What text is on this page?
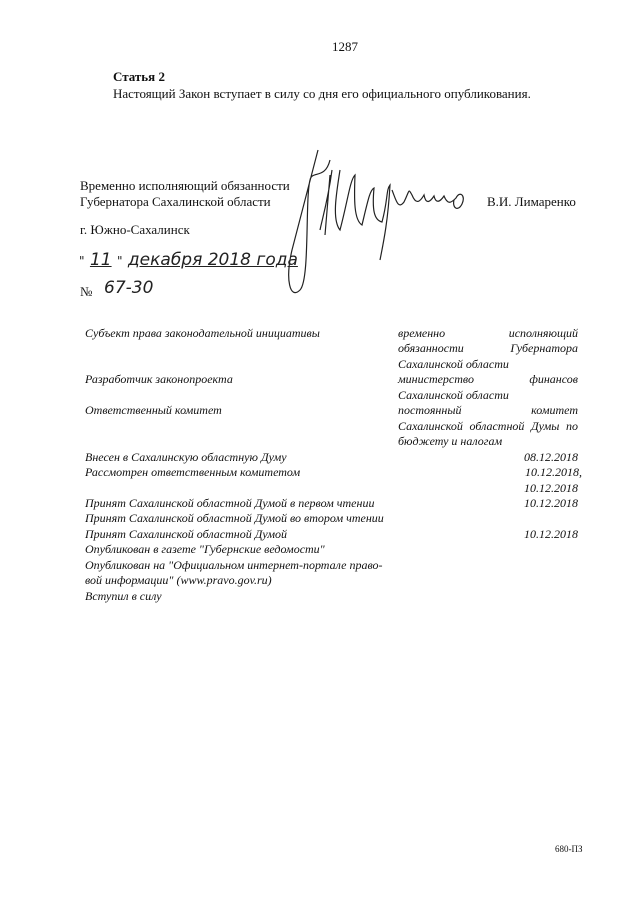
1287
Статья 2
Настоящий Закон вступает в силу со дня его официального опубликования.
Временно исполняющий обязанности
Губернатора Сахалинской области	В.И. Лимаренко
г. Южно-Сахалинск
" 11 " декабря 2018 года
№ 67-30
Субъект права законодательной инициативы	временно исполняющий
обязанности Губернатора
Сахалинской области
Разработчик законопроекта	министерство финансов
Сахалинской области
Ответственный комитет	постоянный комитет
Сахалинской областной Думы по
бюджету и налогам
Внесен в Сахалинскую областную Думу	08.12.2018
Рассмотрен ответственным комитетом	10.12.2018,
10.12.2018
Принят Сахалинской областной Думой в первом чтении	10.12.2018
Принят Сахалинской областной Думой во втором чтении
Принят Сахалинской областной Думой	10.12.2018
Опубликован в газете "Губернские ведомости"
Опубликован на "Официальном интернет-портале право-
вой информации" (www.pravo.gov.ru)
Вступил в силу
680-ПЗ
